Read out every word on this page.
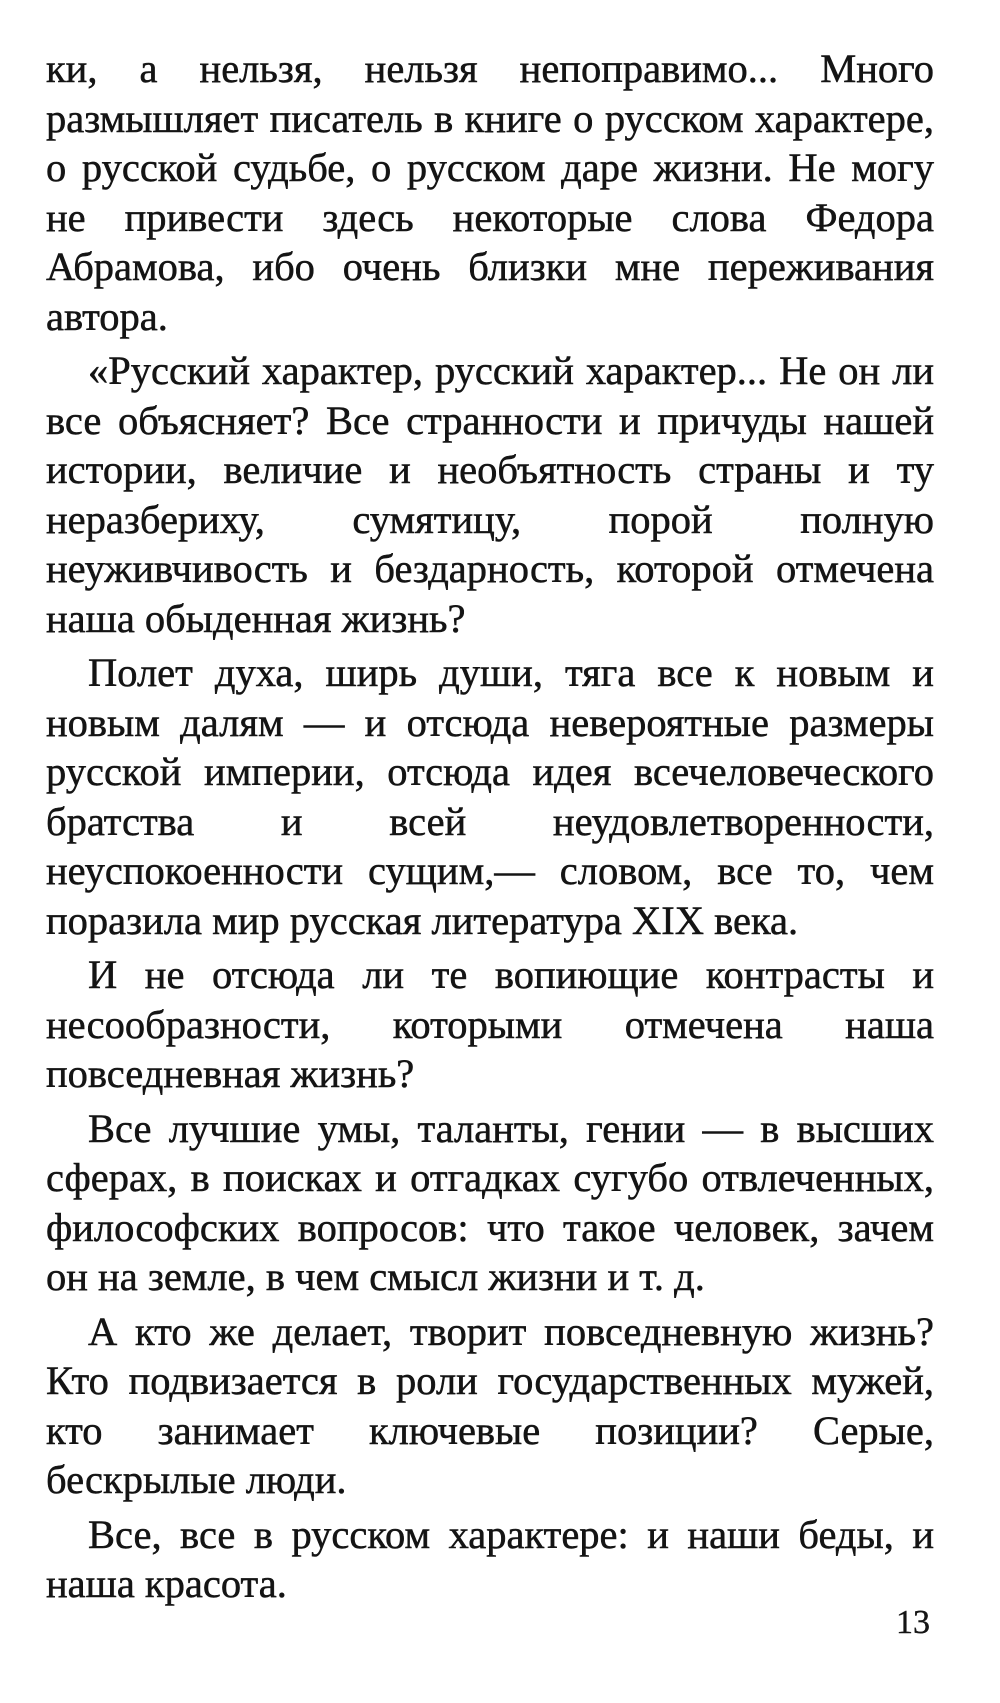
ки, а нельзя, нельзя непоправимо... Много размышляет писатель в книге о русском характере, о русской судьбе, о русском даре жизни. Не могу не привести здесь некоторые слова Федора Абрамова, ибо очень близки мне переживания автора.

«Русский характер, русский характер... Не он ли все объясняет? Все странности и причуды нашей истории, величие и необъятность страны и ту неразбериху, сумятицу, порой полную неуживчивость и бездарность, которой отмечена наша обыденная жизнь?

Полет духа, ширь души, тяга все к новым и новым далям — и отсюда невероятные размеры русской империи, отсюда идея всечеловеческого братства и всей неудовлетворенности, неуспокоенности сущим,— словом, все то, чем поразила мир русская литература XIX века.

И не отсюда ли те вопиющие контрасты и несообразности, которыми отмечена наша повседневная жизнь?

Все лучшие умы, таланты, гении — в высших сферах, в поисках и отгадках сугубо отвлеченных, философских вопросов: что такое человек, зачем он на земле, в чем смысл жизни и т. д.

А кто же делает, творит повседневную жизнь? Кто подвизается в роли государственных мужей, кто занимает ключевые позиции? Серые, бескрылые люди.

Все, все в русском характере: и наши беды, и наша красота.

13
